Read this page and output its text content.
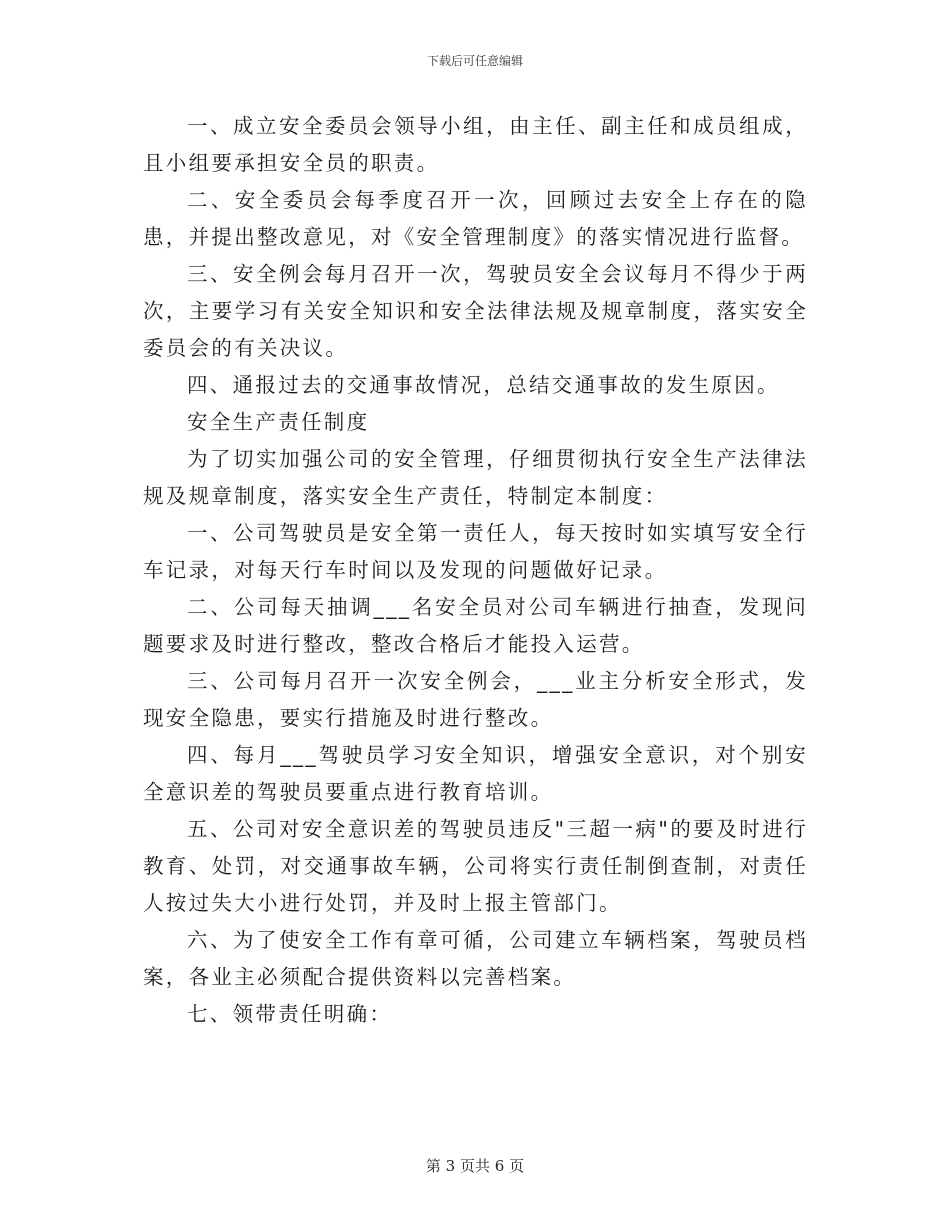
下载后可任意编辑

一、成立安全委员会领导小组，由主任、副主任和成员组成，且小组要承担安全员的职责。

二、安全委员会每季度召开一次，回顾过去安全上存在的隐患，并提出整改意见，对《安全管理制度》的落实情况进行监督。

三、安全例会每月召开一次，驾驶员安全会议每月不得少于两次，主要学习有关安全知识和安全法律法规及规章制度，落实安全委员会的有关决议。

四、通报过去的交通事故情况，总结交通事故的发生原因。

安全生产责任制度

为了切实加强公司的安全管理，仔细贯彻执行安全生产法律法规及规章制度，落实安全生产责任，特制定本制度：

一、公司驾驶员是安全第一责任人，每天按时如实填写安全行车记录，对每天行车时间以及发现的问题做好记录。

二、公司每天抽调___名安全员对公司车辆进行抽查，发现问题要求及时进行整改，整改合格后才能投入运营。

三、公司每月召开一次安全例会，___业主分析安全形式，发现安全隐患，要实行措施及时进行整改。

四、每月___驾驶员学习安全知识，增强安全意识，对个别安全意识差的驾驶员要重点进行教育培训。

五、公司对安全意识差的驾驶员违反"三超一病"的要及时进行教育、处罚，对交通事故车辆，公司将实行责任制倒查制，对责任人按过失大小进行处罚，并及时上报主管部门。

六、为了使安全工作有章可循，公司建立车辆档案，驾驶员档案，各业主必须配合提供资料以完善档案。

七、领带责任明确：

第 3 页共 6 页
